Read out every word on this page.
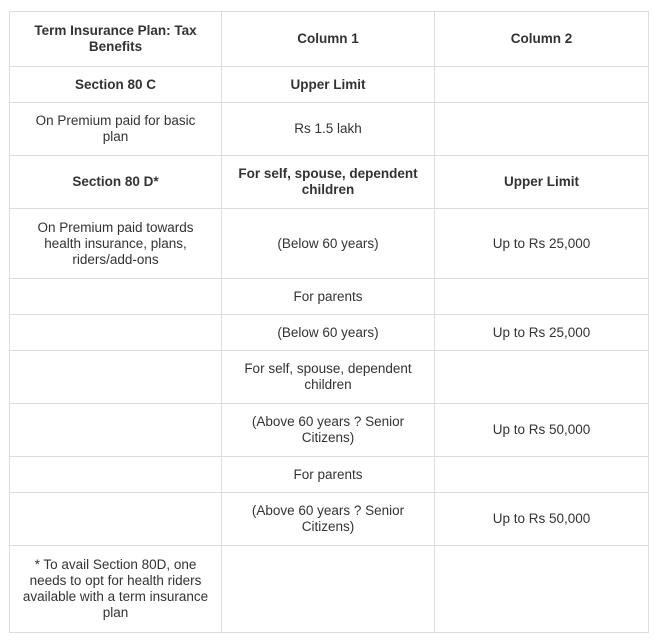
Term Insurance Plan: Tax Benefits	Column 1	Column 2
Section 80 C	Upper Limit	
On Premium paid for basic plan	Rs 1.5 lakh	
Section 80 D*	For self, spouse, dependent children	Upper Limit
On Premium paid towards health insurance, plans, riders/add-ons	(Below 60 years)	Up to Rs 25,000
	For parents	
	(Below 60 years)	Up to Rs 25,000
	For self, spouse, dependent children	
	(Above 60 years ? Senior Citizens)	Up to Rs 50,000
	For parents	
	(Above 60 years ? Senior Citizens)	Up to Rs 50,000
* To avail Section 80D, one needs to opt for health riders available with a term insurance plan		
